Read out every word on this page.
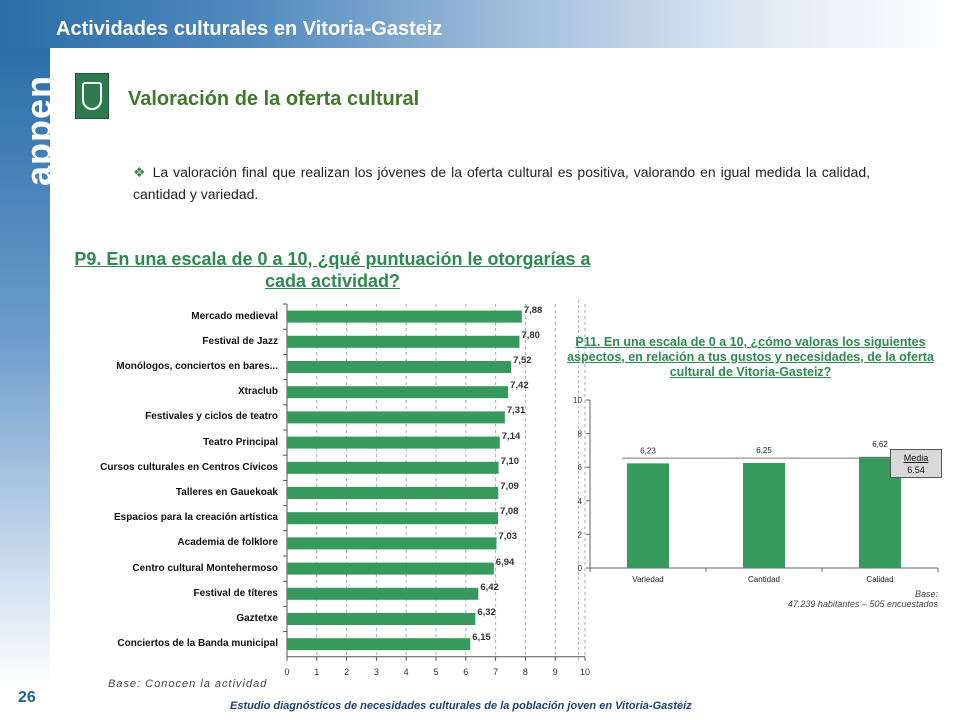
Actividades culturales en Vitoria-Gasteiz
appen	Valoración de la oferta cultural
❖ La valoración final que realizan los jóvenes de la oferta cultural es positiva, valorando en igual medida la calidad, cantidad y variedad.
P9. En una escala de 0 a 10, ¿qué puntuación le otorgarías a cada actividad?
0	1	2	3	4	5	6	7	8	9	10
Mercado medieval
7,88
Festival de Jazz
7,80
Monólogos, conciertos en bares...
7,52
Xtraclub
7,42
Festivales y ciclos de teatro
7,31
Teatro Principal
7,14
Cursos culturales en Centros Cívicos
7,10
Talleres en Gauekoak
7,09
Espacios para la creación artística
7,08
Academia de folklore
7,03
Centro cultural Montehermoso
6,94
Festival de títeres
6,42
Gaztetxe
6,32
Conciertos de la Banda municipal
6,15
Base: Conocen la actividad
P11. En una escala de 0 a 10, ¿cómo valoras los siguientes aspectos, en relación a tus gustos y necesidades, de la oferta cultural de Vitoria-Gasteiz?
0
2
4
6
8
10
6,23
Variedad
6,25
Cantidad
6,62
Calidad
Media
6.54
Base:
47.239 habitantes – 505 encuestados
26	Estudio diagnósticos de necesidades culturales de la población joven en Vitoria-Gasteiz
